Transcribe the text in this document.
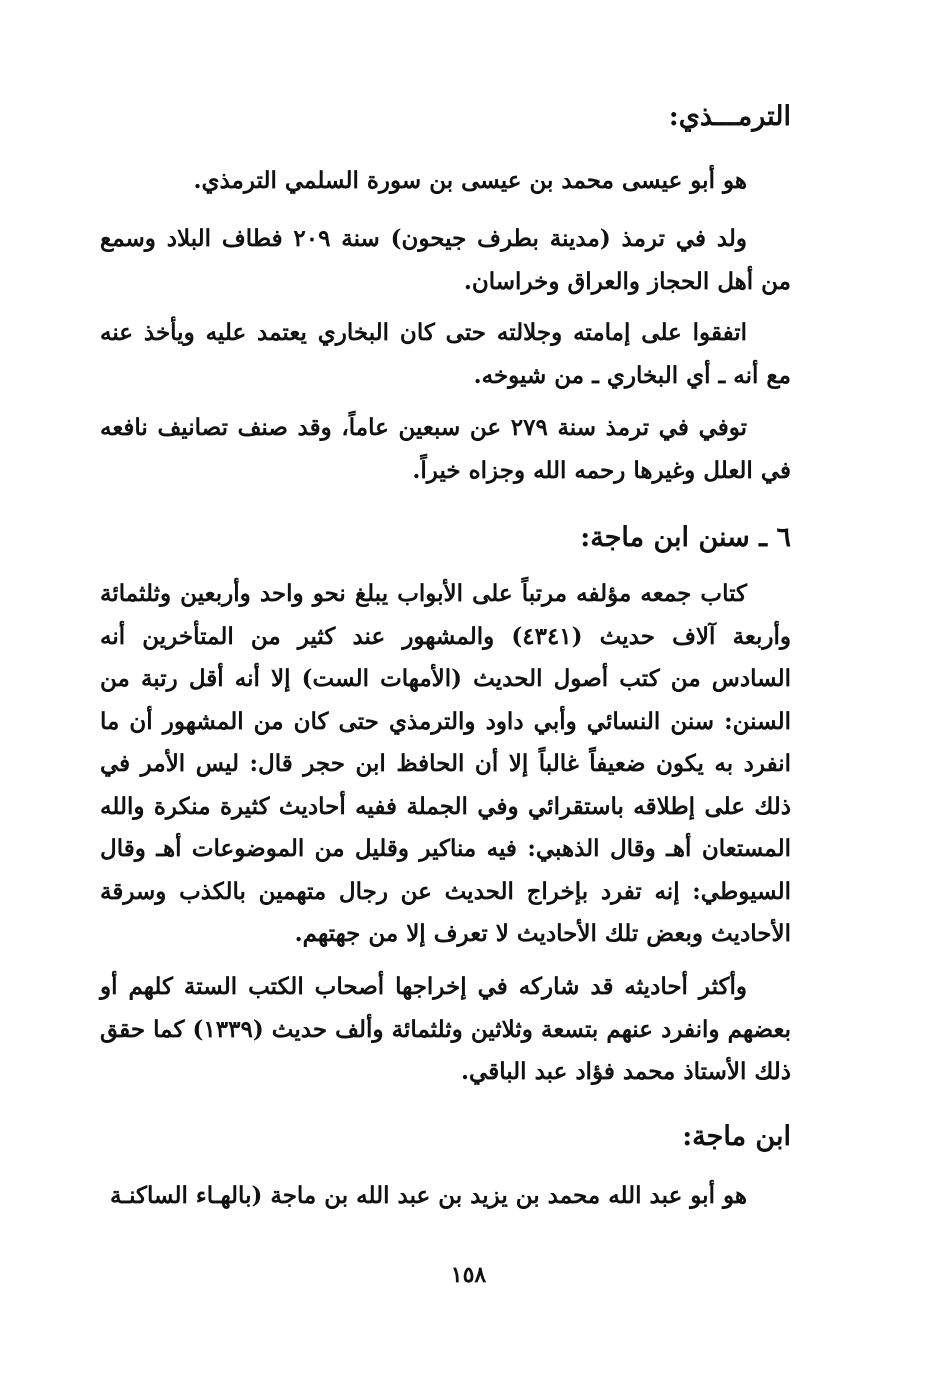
الترمـــذي:

هو أبو عيسى محمد بن عيسى بن سورة السلمي الترمذي.

ولد في ترمذ (مدينة بطرف جيحون) سنة ٢٠٩ فطاف البلاد وسمع من أهل الحجاز والعراق وخراسان.

اتفقوا على إمامته وجلالته حتى كان البخاري يعتمد عليه ويأخذ عنه مع أنه ـ أي البخاري ـ من شيوخه.

توفي في ترمذ سنة ٢٧٩ عن سبعين عاماً، وقد صنف تصانيف نافعه في العلل وغيرها رحمه الله وجزاه خيراً.

٦ ـ سنن ابن ماجة:

كتاب جمعه مؤلفه مرتباً على الأبواب يبلغ نحو واحد وأربعين وثلثمائة وأربعة آلاف حديث (٤٣٤١) والمشهور عند كثير من المتأخرين أنه السادس من كتب أصول الحديث (الأمهات الست) إلا أنه أقل رتبة من السنن: سنن النسائي وأبي داود والترمذي حتى كان من المشهور أن ما انفرد به يكون ضعيفاً غالباً إلا أن الحافظ ابن حجر قال: ليس الأمر في ذلك على إطلاقه باستقرائي وفي الجملة ففيه أحاديث كثيرة منكرة والله المستعان أهـ وقال الذهبي: فيه مناكير وقليل من الموضوعات أهـ وقال السيوطي: إنه تفرد بإخراج الحديث عن رجال متهمين بالكذب وسرقة الأحاديث وبعض تلك الأحاديث لا تعرف إلا من جهتهم.

وأكثر أحاديثه قد شاركه في إخراجها أصحاب الكتب الستة كلهم أو بعضهم وانفرد عنهم بتسعة وثلاثين وثلثمائة وألف حديث (١٣٣٩) كما حقق ذلك الأستاذ محمد فؤاد عبد الباقي.

ابن ماجة:

هو أبو عبد الله محمد بن يزيد بن عبد الله بن ماجة (بالهـاء الساكنـة

١٥٨
